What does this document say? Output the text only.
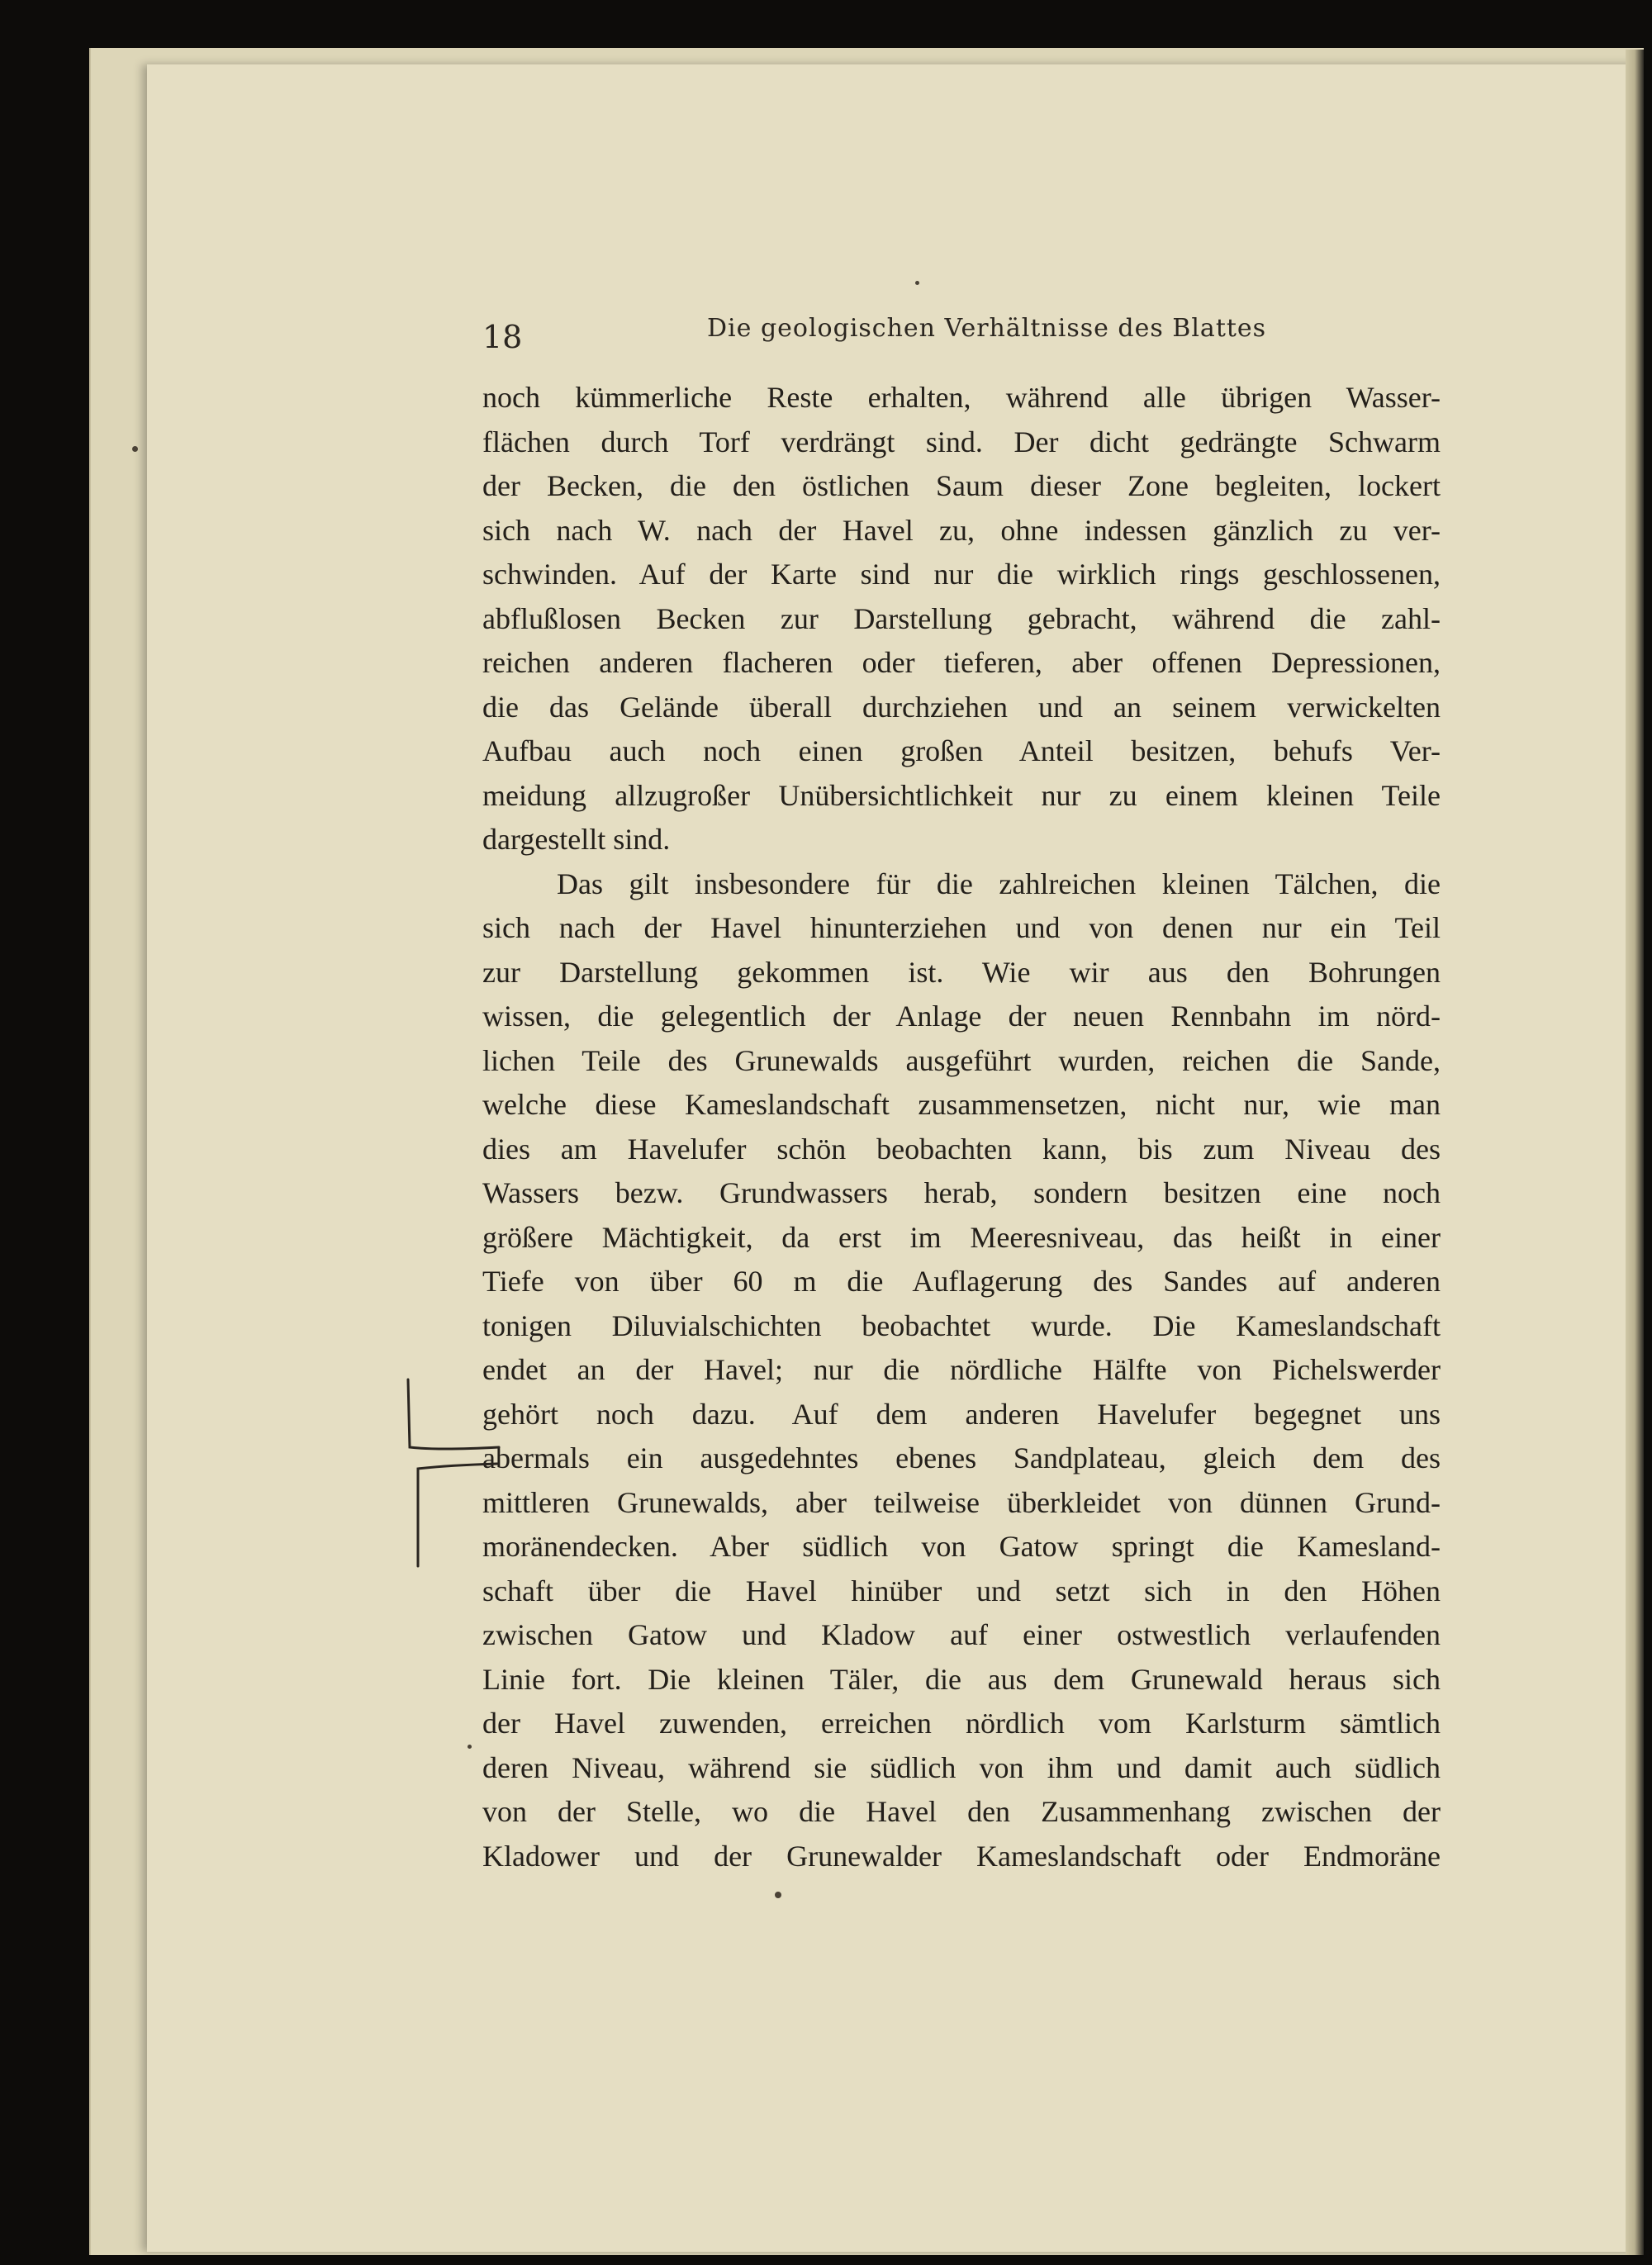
18	Die geologischen Verhältnisse des Blattes
noch kümmerliche Reste erhalten, während alle übrigen Wasser-
flächen durch Torf verdrängt sind. Der dicht gedrängte Schwarm
der Becken, die den östlichen Saum dieser Zone begleiten, lockert
sich nach W. nach der Havel zu, ohne indessen gänzlich zu ver-
schwinden. Auf der Karte sind nur die wirklich rings geschlossenen,
abflußlosen Becken zur Darstellung gebracht, während die zahl-
reichen anderen flacheren oder tieferen, aber offenen Depressionen,
die das Gelände überall durchziehen und an seinem verwickelten
Aufbau auch noch einen großen Anteil besitzen, behufs Ver-
meidung allzugroßer Unübersichtlichkeit nur zu einem kleinen Teile
dargestellt sind.
Das gilt insbesondere für die zahlreichen kleinen Tälchen, die
sich nach der Havel hinunterziehen und von denen nur ein Teil
zur Darstellung gekommen ist. Wie wir aus den Bohrungen
wissen, die gelegentlich der Anlage der neuen Rennbahn im nörd-
lichen Teile des Grunewalds ausgeführt wurden, reichen die Sande,
welche diese Kameslandschaft zusammensetzen, nicht nur, wie man
dies am Havelufer schön beobachten kann, bis zum Niveau des
Wassers bezw. Grundwassers herab, sondern besitzen eine noch
größere Mächtigkeit, da erst im Meeresniveau, das heißt in einer
Tiefe von über 60 m die Auflagerung des Sandes auf anderen
tonigen Diluvialschichten beobachtet wurde. Die Kameslandschaft
endet an der Havel; nur die nördliche Hälfte von Pichelswerder
gehört noch dazu. Auf dem anderen Havelufer begegnet uns
abermals ein ausgedehntes ebenes Sandplateau, gleich dem des
mittleren Grunewalds, aber teilweise überkleidet von dünnen Grund-
moränendecken. Aber südlich von Gatow springt die Kamesland-
schaft über die Havel hinüber und setzt sich in den Höhen
zwischen Gatow und Kladow auf einer ostwestlich verlaufenden
Linie fort. Die kleinen Täler, die aus dem Grunewald heraus sich
der Havel zuwenden, erreichen nördlich vom Karlsturm sämtlich
deren Niveau, während sie südlich von ihm und damit auch südlich
von der Stelle, wo die Havel den Zusammenhang zwischen der
Kladower und der Grunewalder Kameslandschaft oder Endmoräne
